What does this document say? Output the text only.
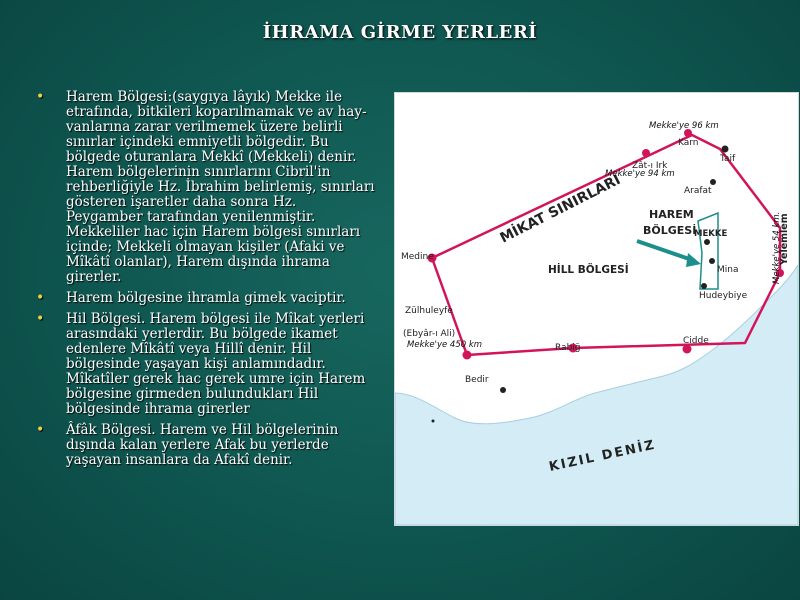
İHRAMA GİRME YERLERİ
• Harem Bölgesi:(saygıya lâyık) Mekke ile etrafında, bitkileri koparılmamak ve av hay-vanlarına zarar verilmemek üzere belirli sınırlar içindeki emniyetli bölgedir. Bu bölgede oturanlara Mekkî (Mekkeli) denir. Harem bölgelerinin sınırlarını Cibril'in rehberliğiyle Hz. İbrahim belirlemiş, sınırları gösteren işaretler daha sonra Hz. Peygamber tarafından yenilenmiştir. Mekkeliler hac için Harem bölgesi sınırları içinde; Mekkeli olmayan kişiler (Afaki ve Mîkâtî olanlar), Harem dışında ihrama girerler.
• Harem bölgesine ihramla gimek vaciptir.
• Hil Bölgesi. Harem bölgesi ile Mîkat yerleri arasındaki yerlerdir. Bu bölgede ikamet edenlere Mîkâtî veya Hillî denir. Hil bölgesinde yaşayan kişi anlamındadır. Mîkatîler gerek hac gerek umre için Harem bölgesine girmeden bulundukları Hil bölgesinde ihrama girerler
• Âfâk Bölgesi. Harem ve Hil bölgelerinin dışında kalan yerlere Afak bu yerlerde yaşayan insanlara da Afakî denir.
MİKAT SINIRLARI HAREM
BÖLGESİ
HİLL BÖLGESİ
KIZIL DENİZ
Karn
Zât-ı Irk
Taif
Arafat
MEKKE
Mina
Hudeybiye
Yelemlem
Medine
Zülhuleyfe
(Ebyâr-ı Ali)
Rabiğ
Cidde
Bedir
Mekke'ye 96 km
Mekke'ye 94 km
Mekke'ye 54 km.
Mekke'ye 450 km
